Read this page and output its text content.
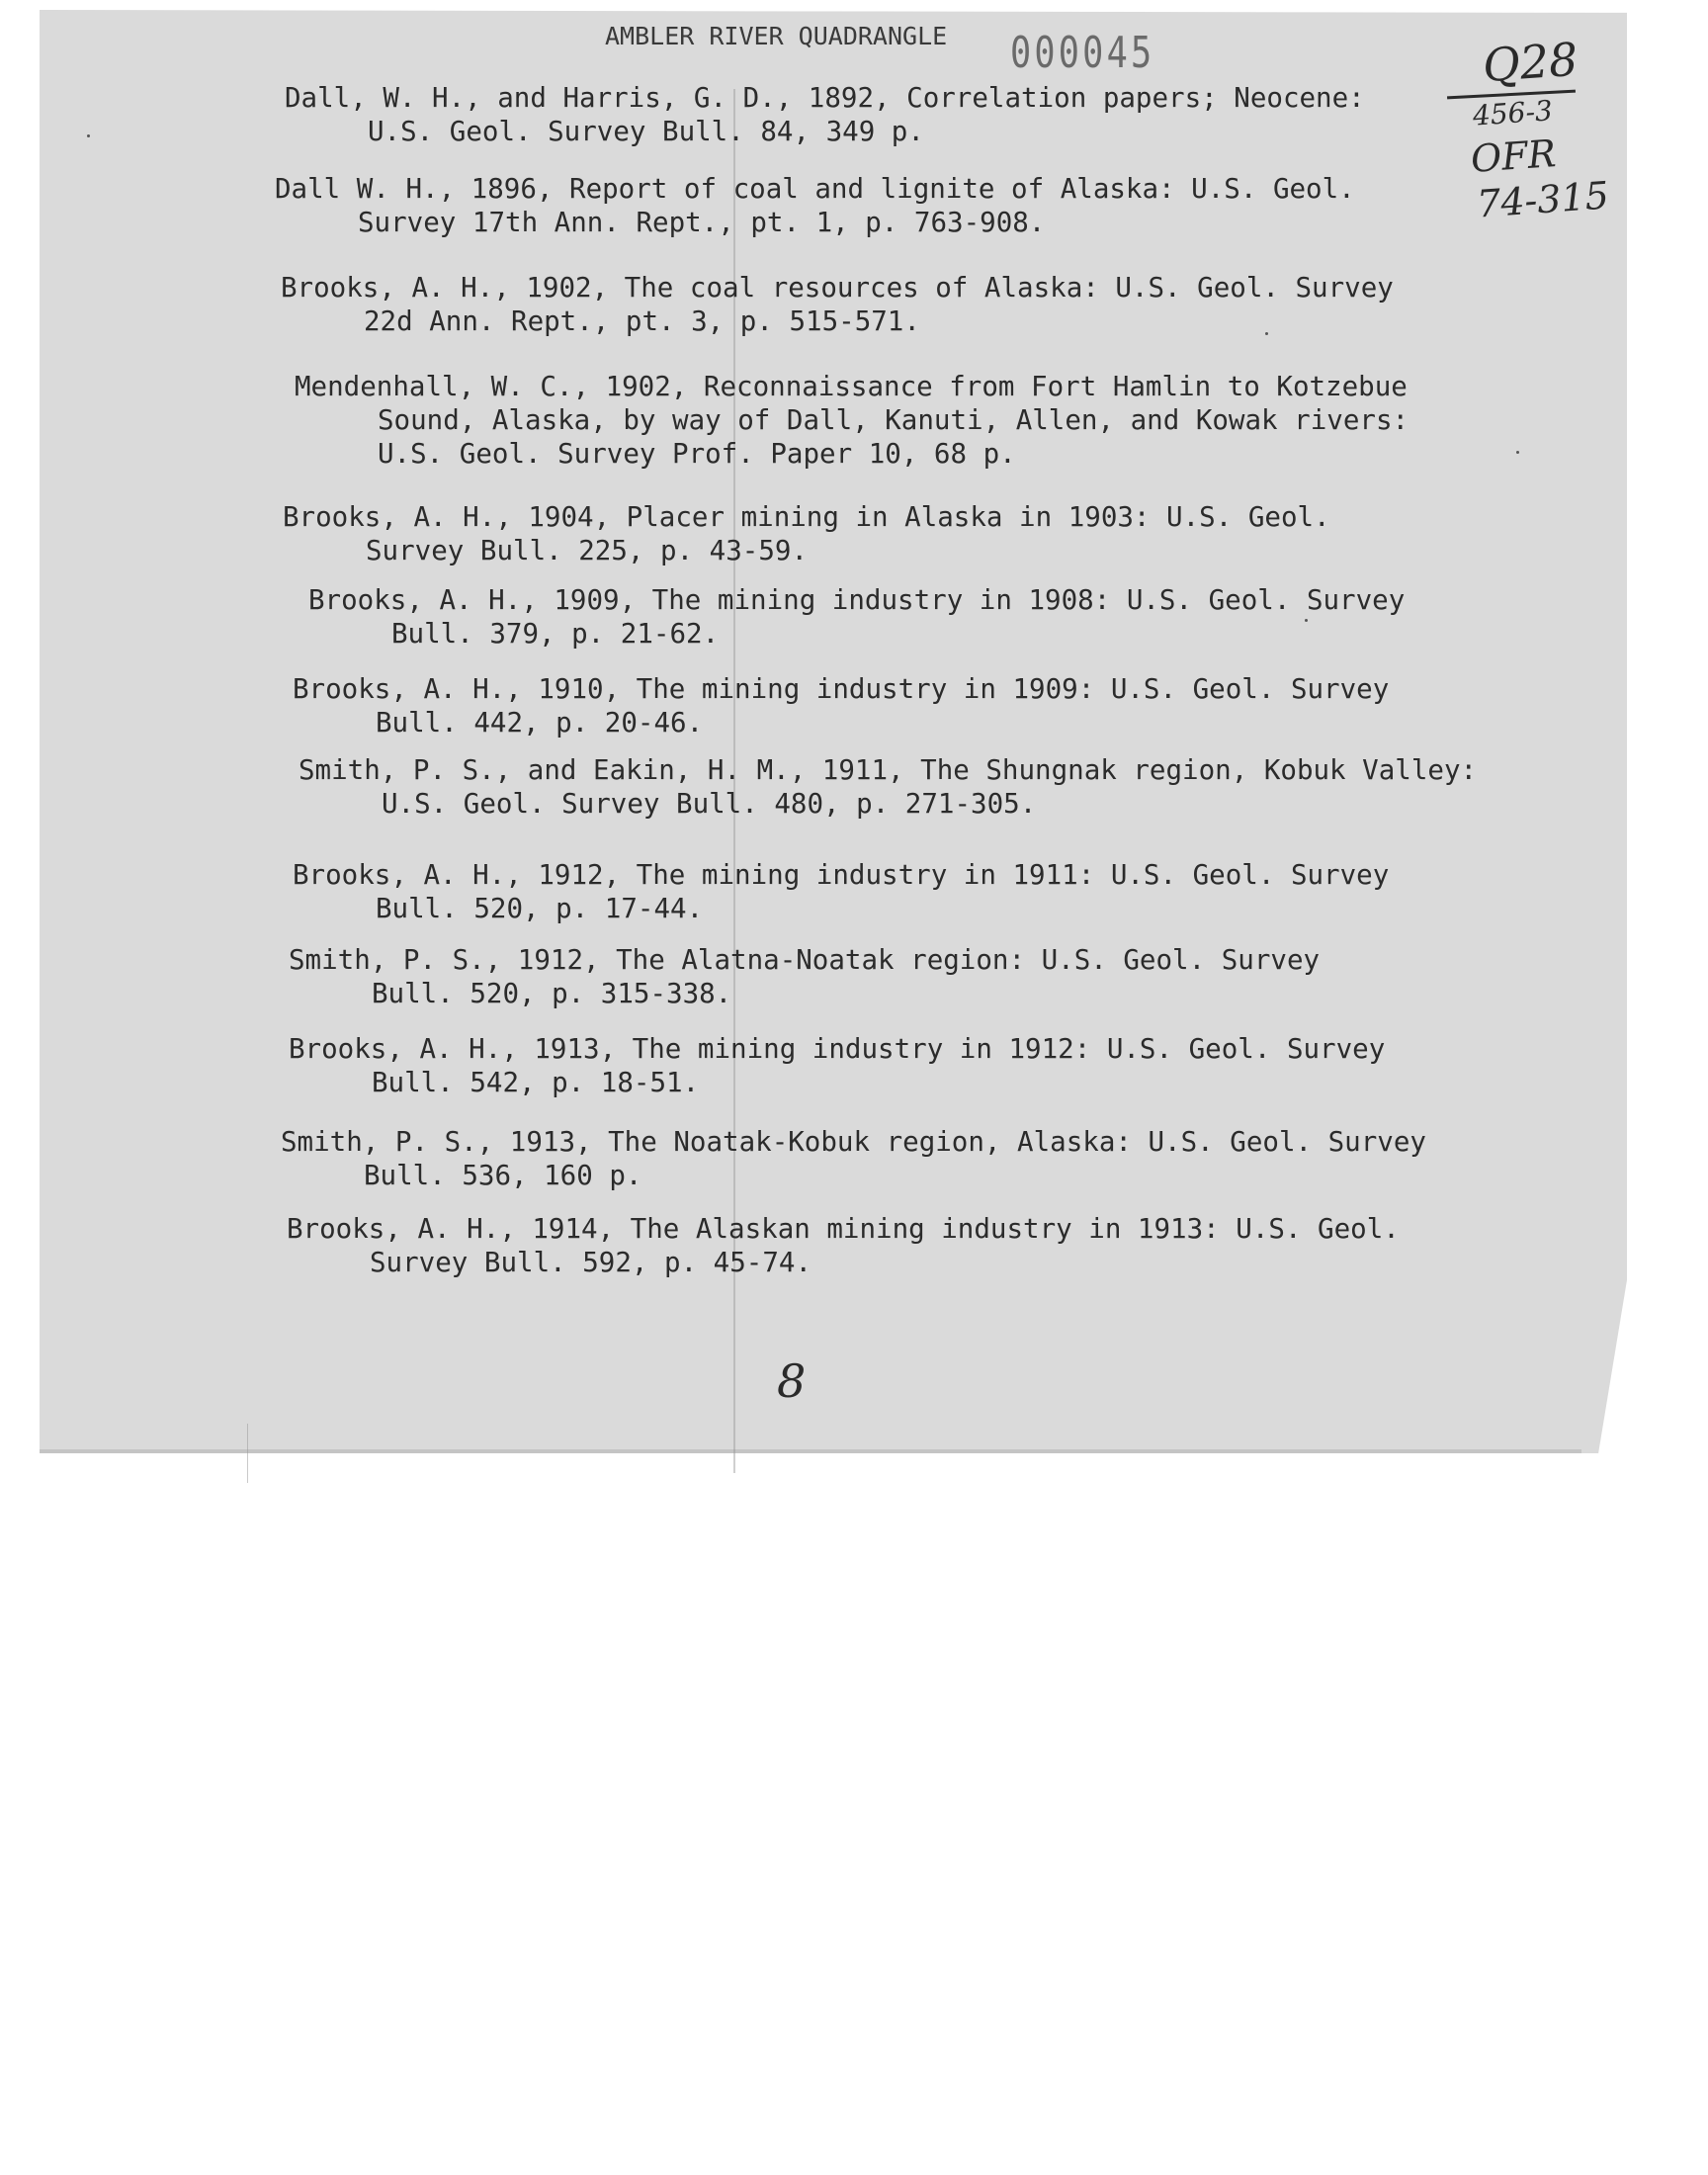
AMBLER RIVER QUADRANGLE 000045	Q28
456-3
OFR
74-315
Dall, W. H., and Harris, G. D., 1892, Correlation papers; Neocene:
U.S. Geol. Survey Bull. 84, 349 p.
Dall W. H., 1896, Report of coal and lignite of Alaska: U.S. Geol.
Survey 17th Ann. Rept., pt. 1, p. 763-908.
Brooks, A. H., 1902, The coal resources of Alaska: U.S. Geol. Survey
22d Ann. Rept., pt. 3, p. 515-571.
Mendenhall, W. C., 1902, Reconnaissance from Fort Hamlin to Kotzebue
Sound, Alaska, by way of Dall, Kanuti, Allen, and Kowak rivers:
U.S. Geol. Survey Prof. Paper 10, 68 p.
Brooks, A. H., 1904, Placer mining in Alaska in 1903: U.S. Geol.
Survey Bull. 225, p. 43-59.
Brooks, A. H., 1909, The mining industry in 1908: U.S. Geol. Survey
Bull. 379, p. 21-62.
Brooks, A. H., 1910, The mining industry in 1909: U.S. Geol. Survey
Bull. 442, p. 20-46.
Smith, P. S., and Eakin, H. M., 1911, The Shungnak region, Kobuk Valley:
U.S. Geol. Survey Bull. 480, p. 271-305.
Brooks, A. H., 1912, The mining industry in 1911: U.S. Geol. Survey
Bull. 520, p. 17-44.
Smith, P. S., 1912, The Alatna-Noatak region: U.S. Geol. Survey
Bull. 520, p. 315-338.
Brooks, A. H., 1913, The mining industry in 1912: U.S. Geol. Survey
Bull. 542, p. 18-51.
Smith, P. S., 1913, The Noatak-Kobuk region, Alaska: U.S. Geol. Survey
Bull. 536, 160 p.
Brooks, A. H., 1914, The Alaskan mining industry in 1913: U.S. Geol.
Survey Bull. 592, p. 45-74.
8
